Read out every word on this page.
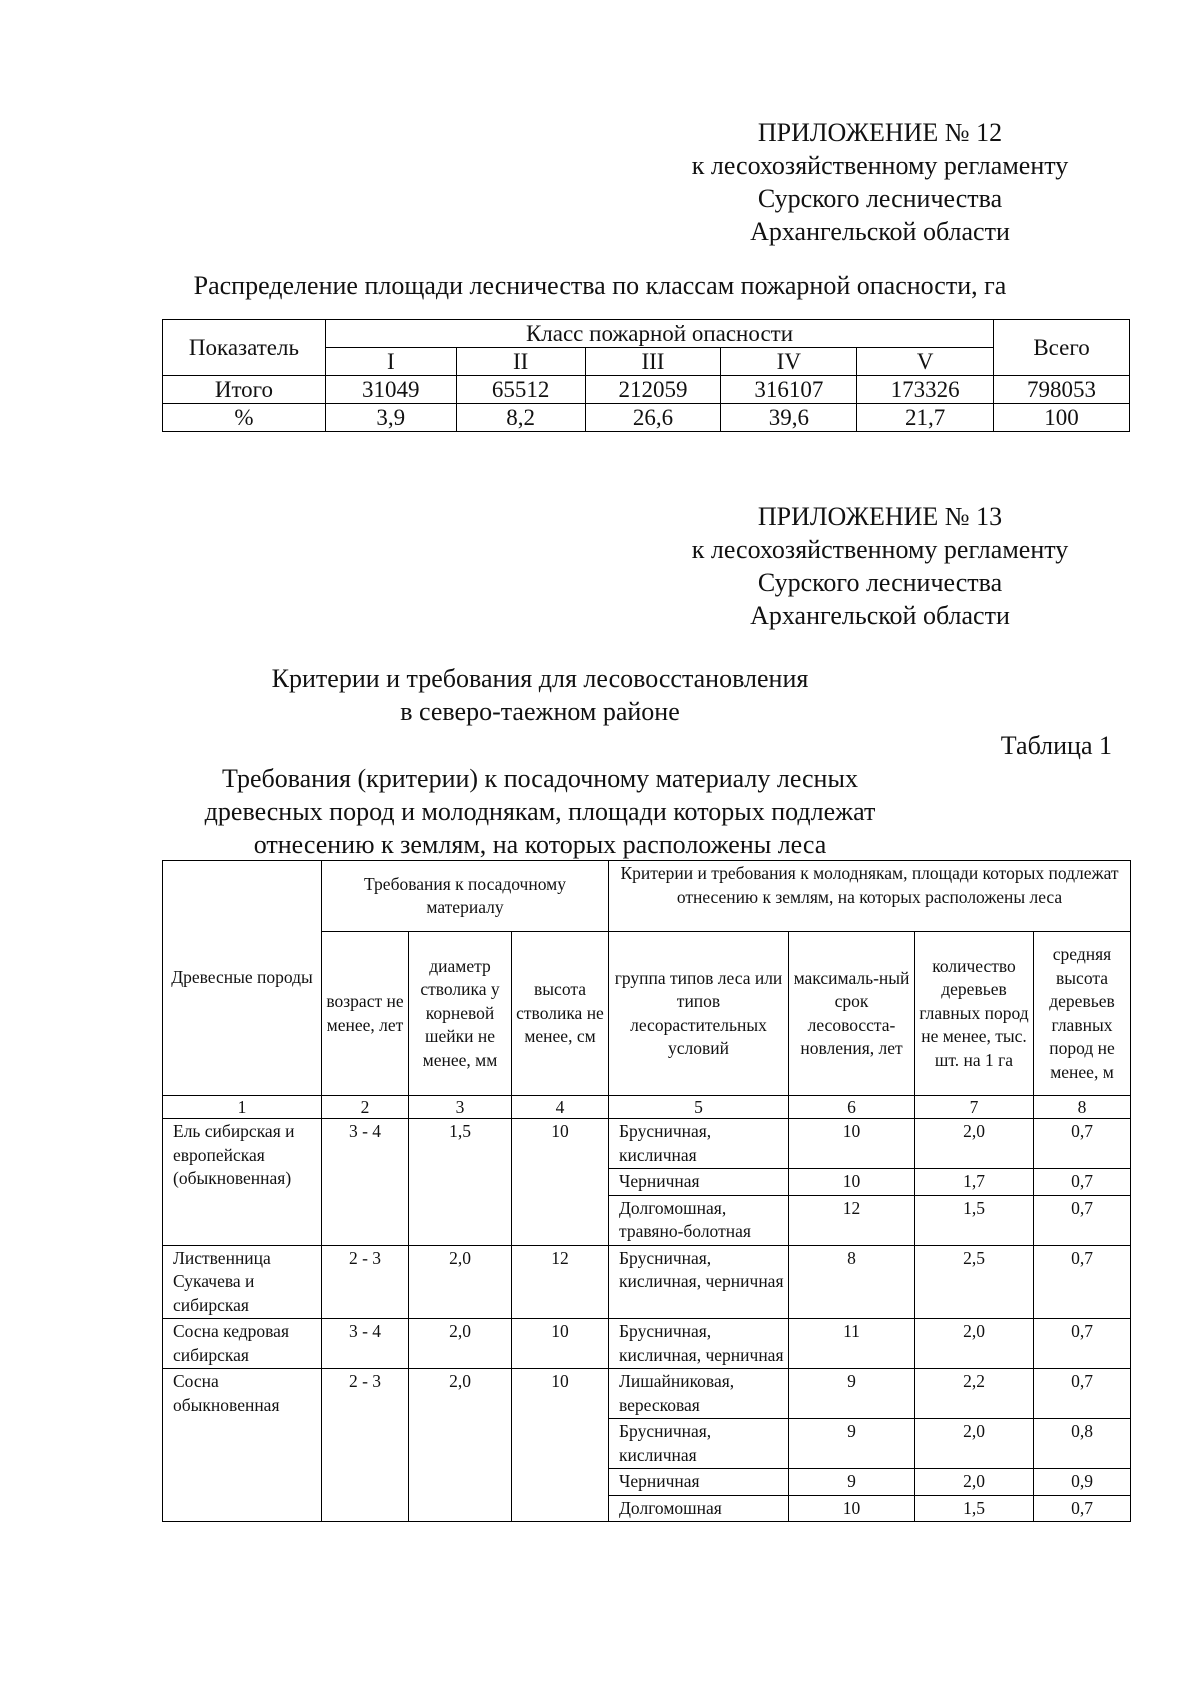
ПРИЛОЖЕНИЕ № 12
к лесохозяйственному регламенту
Сурского лесничества
Архангельской области
Распределение площади лесничества по классам пожарной опасности, га
Показатель	Класс пожарной опасности					Всего
	I	II	III	IV	V	
Итого	31049	65512	212059	316107	173326	798053
%	3,9	8,2	26,6	39,6	21,7	100
ПРИЛОЖЕНИЕ № 13
к лесохозяйственному регламенту
Сурского лесничества
Архангельской области
Критерии и требования для лесовосстановления
в северо-таежном районе
Таблица 1
Требования (критерии) к посадочному материалу лесных
древесных пород и молоднякам, площади которых подлежат
отнесению к землям, на которых расположены леса
Древесные породы	Требования к посадочному материалу			Критерии и требования к молоднякам, площади которых подлежат отнесению к землям, на которых расположены леса			
	возраст не менее, лет	диаметр стволика у корневой шейки не менее, мм	высота стволика не менее, см	группа типов леса или типов лесорастительных условий	максималь-ный срок лесовосста-новления, лет	количество деревьев главных пород не менее, тыс. шт. на 1 га	средняя высота деревьев главных пород не менее, м
1	2	3	4	5	6	7	8
Ель сибирская и европейская (обыкновенная)	3 - 4	1,5	10	Брусничная, кисличная	10	2,0	0,7
				Черничная	10	1,7	0,7
				Долгомошная, травяно-болотная	12	1,5	0,7
Лиственница Сукачева и сибирская	2 - 3	2,0	12	Брусничная, кисличная, черничная	8	2,5	0,7
Сосна кедровая сибирская	3 - 4	2,0	10	Брусничная, кисличная, черничная	11	2,0	0,7
Сосна обыкновенная	2 - 3	2,0	10	Лишайниковая, вересковая	9	2,2	0,7
				Брусничная, кисличная	9	2,0	0,8
				Черничная	9	2,0	0,9
				Долгомошная	10	1,5	0,7
